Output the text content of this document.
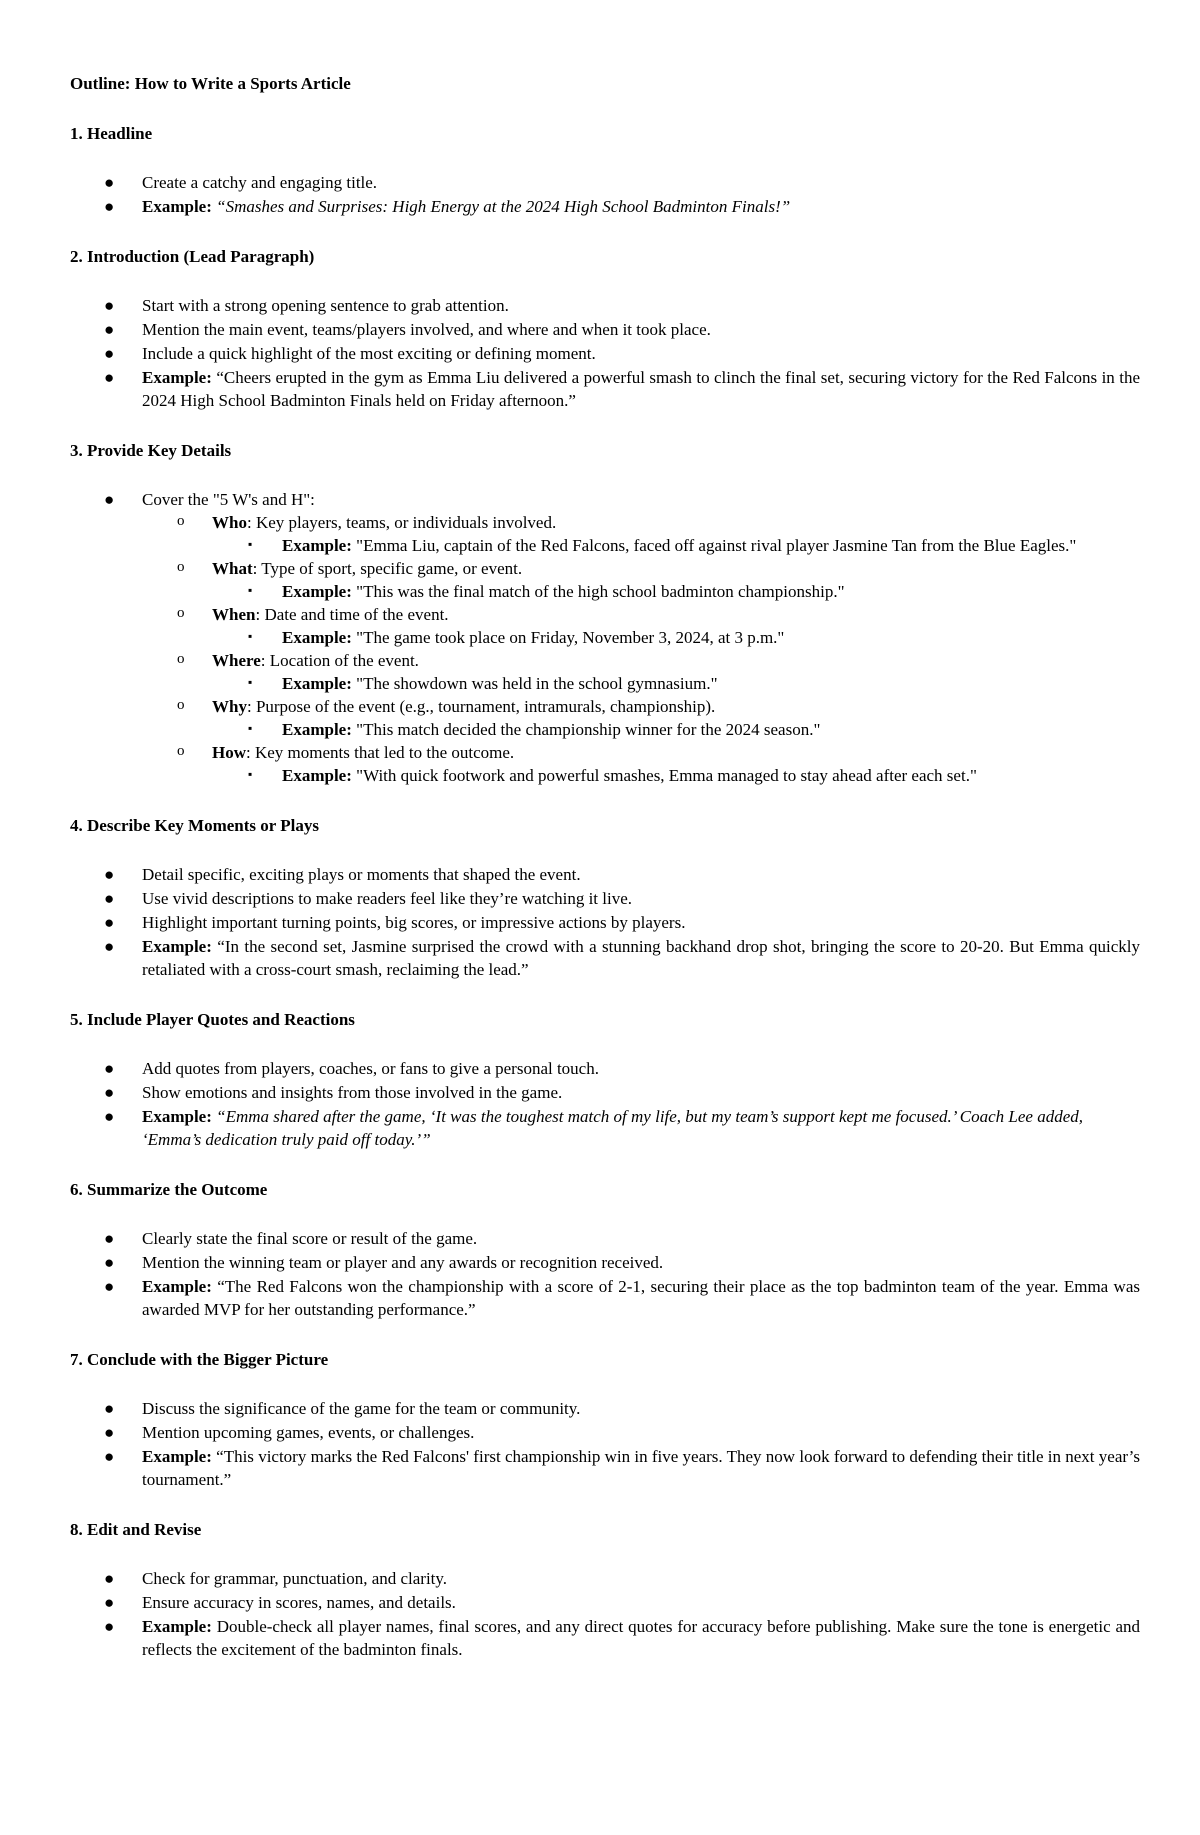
Outline: How to Write a Sports Article
1. Headline
●	Create a catchy and engaging title.
●	Example: “Smashes and Surprises: High Energy at the 2024 High School Badminton Finals!”
2. Introduction (Lead Paragraph)
●	Start with a strong opening sentence to grab attention.
●	Mention the main event, teams/players involved, and where and when it took place.
●	Include a quick highlight of the most exciting or defining moment.
●	Example: “Cheers erupted in the gym as Emma Liu delivered a powerful smash to clinch the final set, securing victory for the Red Falcons in the 2024 High School Badminton Finals held on Friday afternoon.”
3. Provide Key Details
●	Cover the "5 W's and H":
o Who: Key players, teams, or individuals involved.
▪ Example: "Emma Liu, captain of the Red Falcons, faced off against rival player Jasmine Tan from the Blue Eagles."
o What: Type of sport, specific game, or event.
▪ Example: "This was the final match of the high school badminton championship."
o When: Date and time of the event.
▪ Example: "The game took place on Friday, November 3, 2024, at 3 p.m."
o Where: Location of the event.
▪ Example: "The showdown was held in the school gymnasium."
o Why: Purpose of the event (e.g., tournament, intramurals, championship).
▪ Example: "This match decided the championship winner for the 2024 season."
o How: Key moments that led to the outcome.
▪ Example: "With quick footwork and powerful smashes, Emma managed to stay ahead after each set."
4. Describe Key Moments or Plays
●	Detail specific, exciting plays or moments that shaped the event.
●	Use vivid descriptions to make readers feel like they’re watching it live.
●	Highlight important turning points, big scores, or impressive actions by players.
●	Example: “In the second set, Jasmine surprised the crowd with a stunning backhand drop shot, bringing the score to 20-20. But Emma quickly retaliated with a cross-court smash, reclaiming the lead.”
5. Include Player Quotes and Reactions
●	Add quotes from players, coaches, or fans to give a personal touch.
●	Show emotions and insights from those involved in the game.
●	Example: “Emma shared after the game, ‘It was the toughest match of my life, but my team’s support kept me focused.’ Coach Lee added, ‘Emma’s dedication truly paid off today.’”
6. Summarize the Outcome
●	Clearly state the final score or result of the game.
●	Mention the winning team or player and any awards or recognition received.
●	Example: “The Red Falcons won the championship with a score of 2-1, securing their place as the top badminton team of the year. Emma was awarded MVP for her outstanding performance.”
7. Conclude with the Bigger Picture
●	Discuss the significance of the game for the team or community.
●	Mention upcoming games, events, or challenges.
●	Example: “This victory marks the Red Falcons' first championship win in five years. They now look forward to defending their title in next year’s tournament.”
8. Edit and Revise
●	Check for grammar, punctuation, and clarity.
●	Ensure accuracy in scores, names, and details.
●	Example: Double-check all player names, final scores, and any direct quotes for accuracy before publishing. Make sure the tone is energetic and reflects the excitement of the badminton finals.
